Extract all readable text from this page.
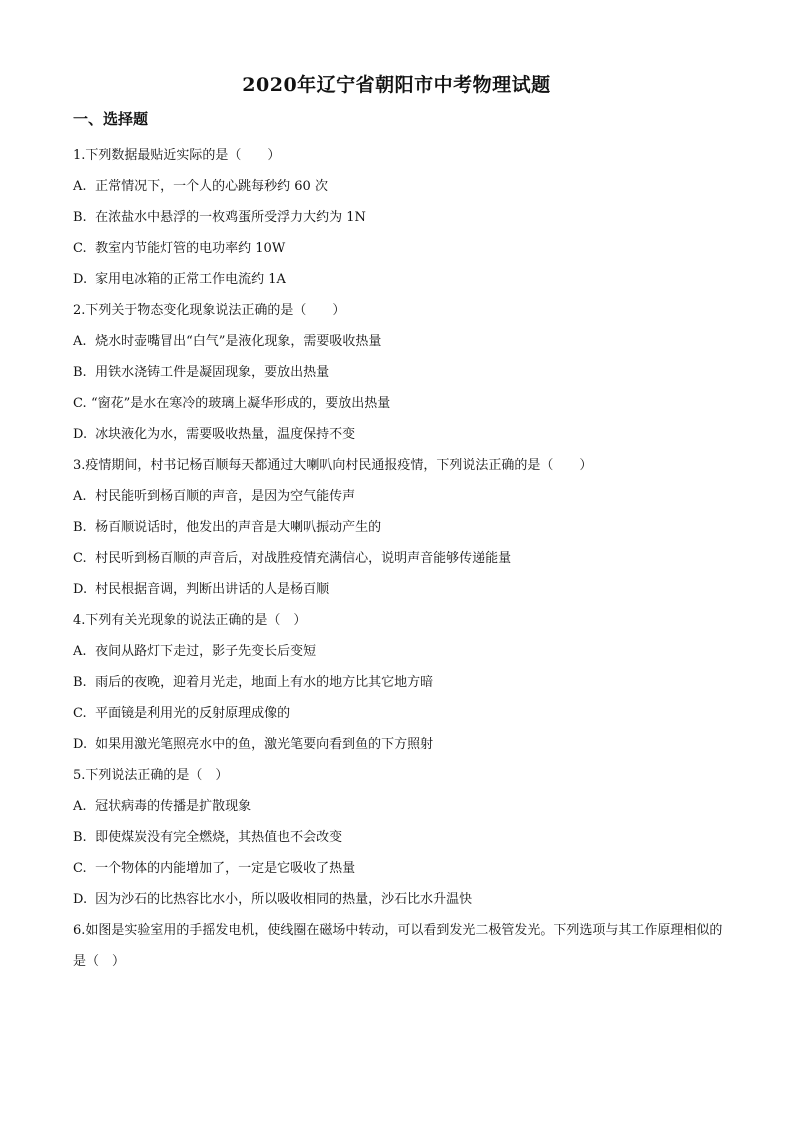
2020年辽宁省朝阳市中考物理试题
一、选择题
1.下列数据最贴近实际的是（　　）
A. 正常情况下，一个人的心跳每秒约 60 次
B. 在浓盐水中悬浮的一枚鸡蛋所受浮力大约为 1N
C. 教室内节能灯管的电功率约 10W
D. 家用电冰箱的正常工作电流约 1A
2.下列关于物态变化现象说法正确的是（　　）
A. 烧水时壶嘴冒出“白气”是液化现象，需要吸收热量
B. 用铁水浇铸工件是凝固现象，要放出热量
C. “窗花”是水在寒冷的玻璃上凝华形成的，要放出热量
D. 冰块液化为水，需要吸收热量，温度保持不变
3.疫情期间，村书记杨百顺每天都通过大喇叭向村民通报疫情，下列说法正确的是（　　）
A. 村民能听到杨百顺的声音，是因为空气能传声
B. 杨百顺说话时，他发出的声音是大喇叭振动产生的
C. 村民听到杨百顺的声音后，对战胜疫情充满信心，说明声音能够传递能量
D. 村民根据音调，判断出讲话的人是杨百顺
4.下列有关光现象的说法正确的是（　）
A. 夜间从路灯下走过，影子先变长后变短
B. 雨后的夜晚，迎着月光走，地面上有水的地方比其它地方暗
C. 平面镜是利用光的反射原理成像的
D. 如果用激光笔照亮水中的鱼，激光笔要向看到鱼的下方照射
5.下列说法正确的是（　）
A. 冠状病毒的传播是扩散现象
B. 即使煤炭没有完全燃烧，其热值也不会改变
C. 一个物体的内能增加了，一定是它吸收了热量
D. 因为沙石的比热容比水小，所以吸收相同的热量，沙石比水升温快
6.如图是实验室用的手摇发电机，使线圈在磁场中转动，可以看到发光二极管发光。下列选项与其工作原理相似的是（　）
